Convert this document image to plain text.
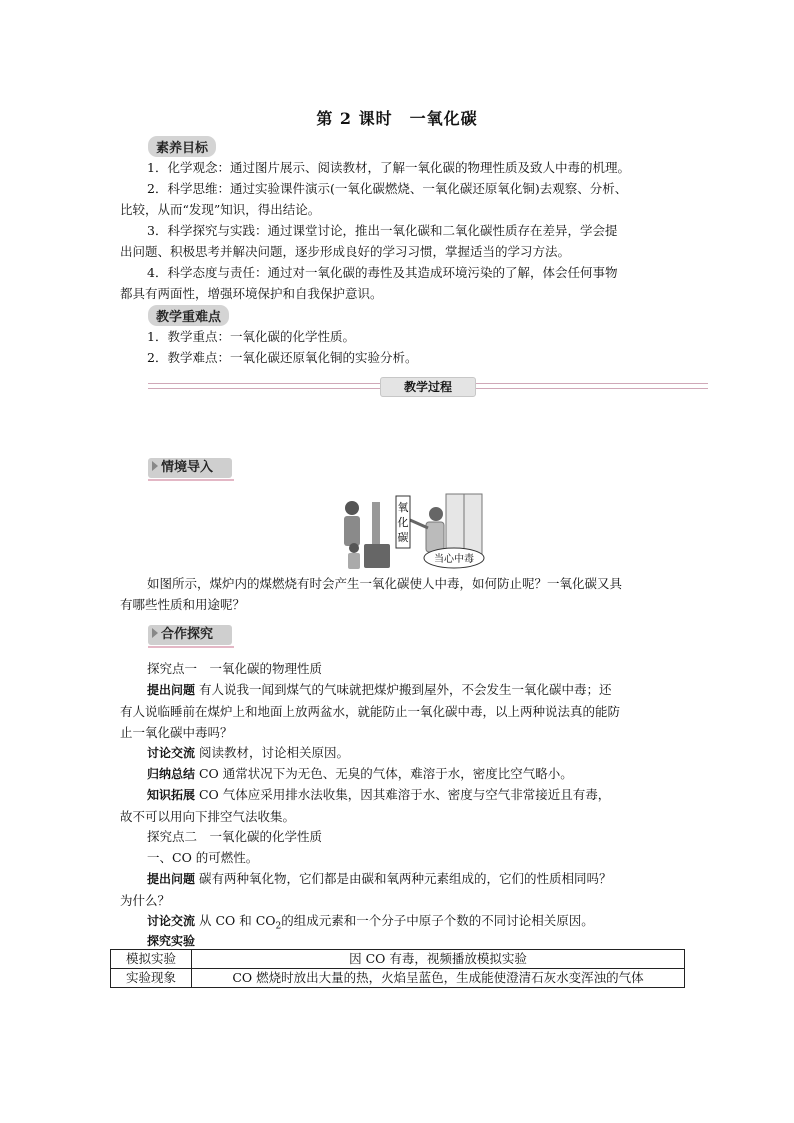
第 2 课时　一氧化碳
素养目标
1．化学观念：通过图片展示、阅读教材，了解一氧化碳的物理性质及致人中毒的机理。
2．科学思维：通过实验课件演示(一氧化碳燃烧、一氧化碳还原氧化铜)去观察、分析、
比较，从而“发现”知识，得出结论。
3．科学探究与实践：通过课堂讨论，推出一氧化碳和二氧化碳性质存在差异，学会提
出问题、积极思考并解决问题，逐步形成良好的学习习惯，掌握适当的学习方法。
4．科学态度与责任：通过对一氧化碳的毒性及其造成环境污染的了解，体会任何事物
都具有两面性，增强环境保护和自我保护意识。
教学重难点
1．教学重点：一氧化碳的化学性质。
2．教学难点：一氧化碳还原氧化铜的实验分析。
教学过程
情境导入
氧
化
碳
当心中毒
如图所示，煤炉内的煤燃烧有时会产生一氧化碳使人中毒，如何防止呢？一氧化碳又具
有哪些性质和用途呢？
合作探究
探究点一　一氧化碳的物理性质
提出问题 有人说我一闻到煤气的气味就把煤炉搬到屋外，不会发生一氧化碳中毒；还
有人说临睡前在煤炉上和地面上放两盆水，就能防止一氧化碳中毒，以上两种说法真的能防
止一氧化碳中毒吗？
讨论交流 阅读教材，讨论相关原因。
归纳总结 CO 通常状况下为无色、无臭的气体，难溶于水，密度比空气略小。
知识拓展 CO 气体应采用排水法收集，因其难溶于水、密度与空气非常接近且有毒，
故不可以用向下排空气法收集。
探究点二　一氧化碳的化学性质
一、CO 的可燃性。
提出问题 碳有两种氧化物，它们都是由碳和氧两种元素组成的，它们的性质相同吗？
为什么？
讨论交流 从 CO 和 $CO_2$的组成元素和一个分子中原子个数的不同讨论相关原因。
探究实验
模拟实验	因 CO 有毒，视频播放模拟实验
实验现象	CO 燃烧时放出大量的热，火焰呈蓝色，生成能使澄清石灰水变浑浊的气体
